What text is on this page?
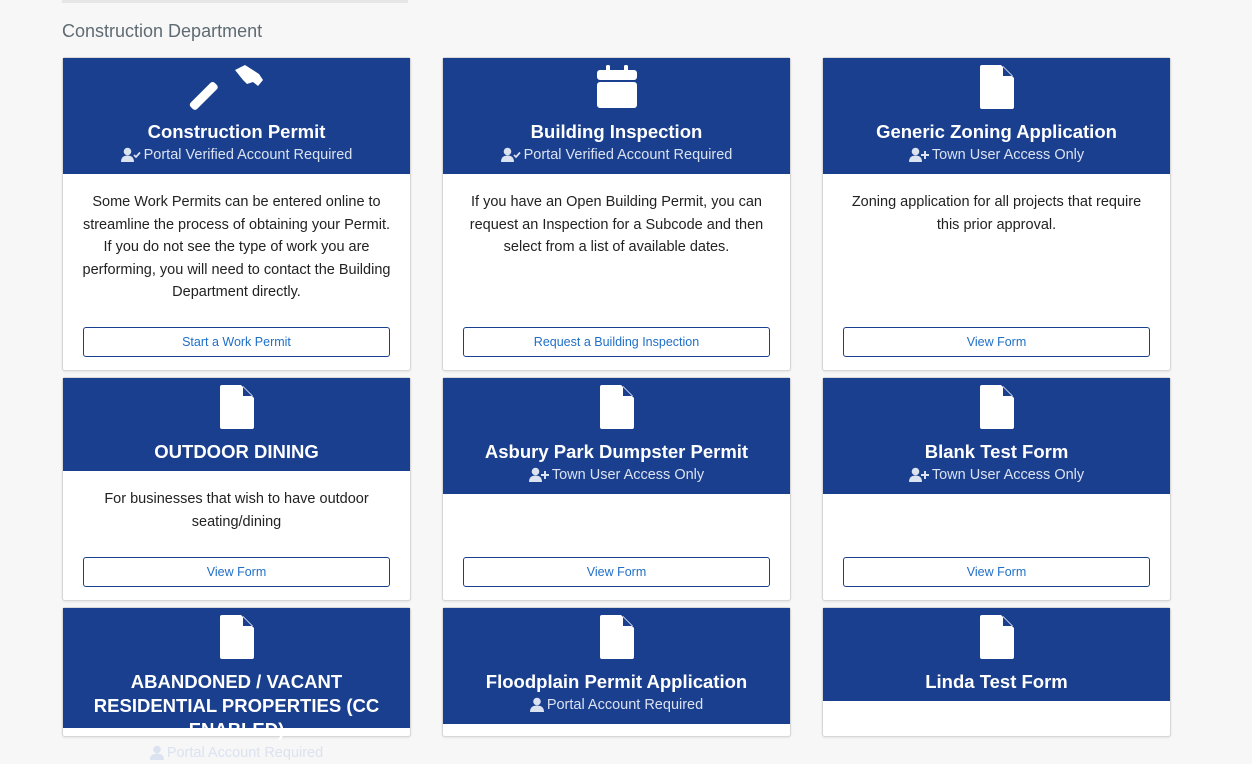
Construction Department
Construction Permit
Portal Verified Account Required
Some Work Permits can be entered online to streamline the process of obtaining your Permit. If you do not see the type of work you are performing, you will need to contact the Building Department directly.
Start a Work Permit
Building Inspection
Portal Verified Account Required
If you have an Open Building Permit, you can request an Inspection for a Subcode and then select from a list of available dates.
Request a Building Inspection
Generic Zoning Application
Town User Access Only
Zoning application for all projects that require this prior approval.
View Form
OUTDOOR DINING
For businesses that wish to have outdoor seating/dining
View Form
Asbury Park Dumpster Permit
Town User Access Only
View Form
Blank Test Form
Town User Access Only
View Form
ABANDONED / VACANT RESIDENTIAL PROPERTIES (CC ENABLED)
Portal Account Required
Floodplain Permit Application
Portal Account Required
Linda Test Form
